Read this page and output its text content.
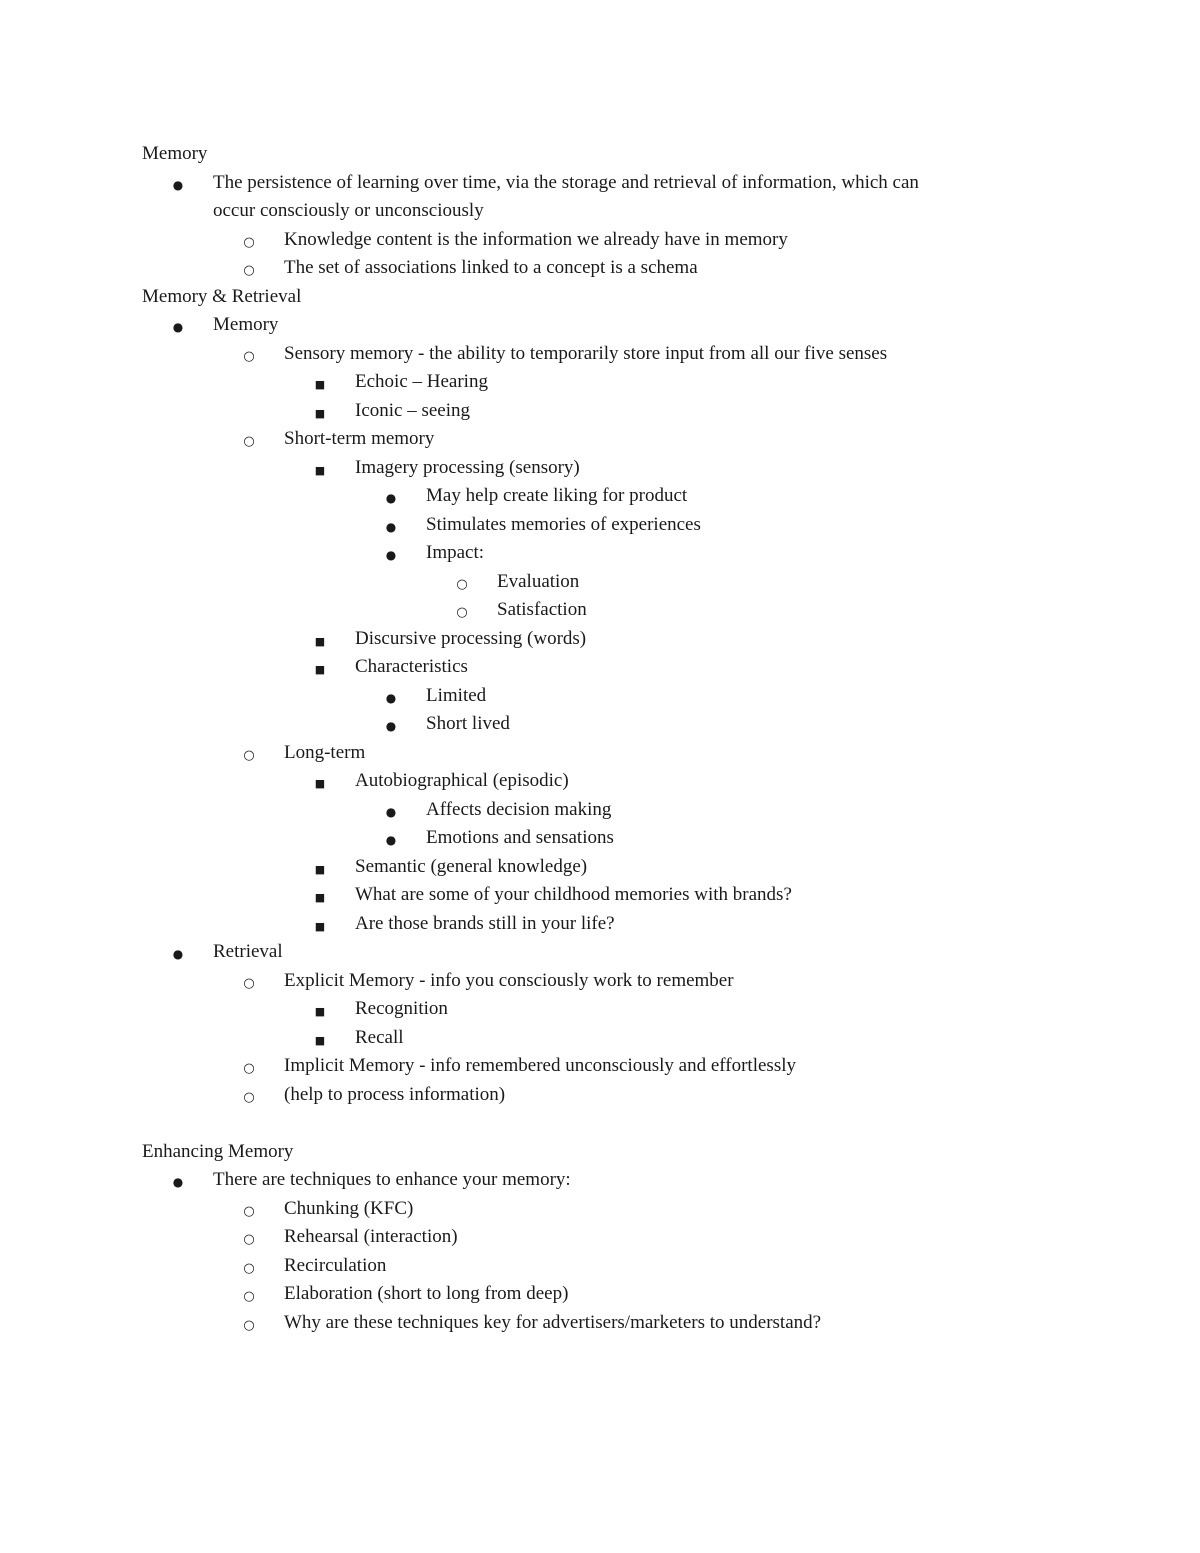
Memory
●
The persistence of learning over time, via the storage and retrieval of information, which can
occur consciously or unconsciously
○
Knowledge content is the information we already have in memory
○
The set of associations linked to a concept is a schema
Memory & Retrieval
●
Memory
○
Sensory memory - the ability to temporarily store input from all our five senses
■
Echoic – Hearing
■
Iconic – seeing
○
Short-term memory
■
Imagery processing (sensory)
●
May help create liking for product
●
Stimulates memories of experiences
●
Impact:
○
Evaluation
○
Satisfaction
■
Discursive processing (words)
■
Characteristics
●
Limited
●
Short lived
○
Long-term
■
Autobiographical (episodic)
●
Affects decision making
●
Emotions and sensations
■
Semantic (general knowledge)
■
What are some of your childhood memories with brands?
■
Are those brands still in your life?
●
Retrieval
○
Explicit Memory - info you consciously work to remember
■
Recognition
■
Recall
○
Implicit Memory - info remembered unconsciously and effortlessly
○
(help to process information)
Enhancing Memory
●
There are techniques to enhance your memory:
○
Chunking (KFC)
○
Rehearsal (interaction)
○
Recirculation
○
Elaboration (short to long from deep)
○
Why are these techniques key for advertisers/marketers to understand?
